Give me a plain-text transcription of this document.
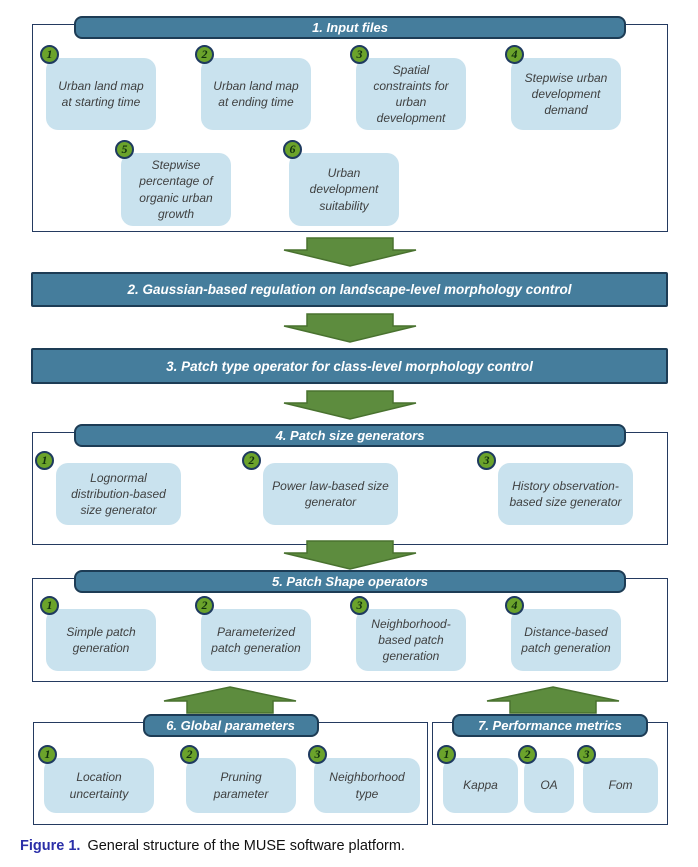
1. Input files
1
Urban land map at starting time
2
Urban land map at ending time
3
Spatial constraints for urban development
4
Stepwise urban development demand
5
Stepwise percentage of organic urban growth
6
Urban development suitability
2. Gaussian-based regulation on landscape-level morphology control
3. Patch type operator for class-level morphology control
4. Patch size generators
1
Lognormal distribution-based size generator
2
Power law-based size generator
3
History observation-based size generator
5. Patch Shape operators
1
Simple patch generation
2
Parameterized patch generation
3
Neighborhood-based patch generation
4
Distance-based patch generation
6. Global parameters
1
Location uncertainty
2
Pruning parameter
3
Neighborhood type
7. Performance metrics
1
Kappa
2
OA
3
Fom
Figure 1. General structure of the MUSE software platform.
